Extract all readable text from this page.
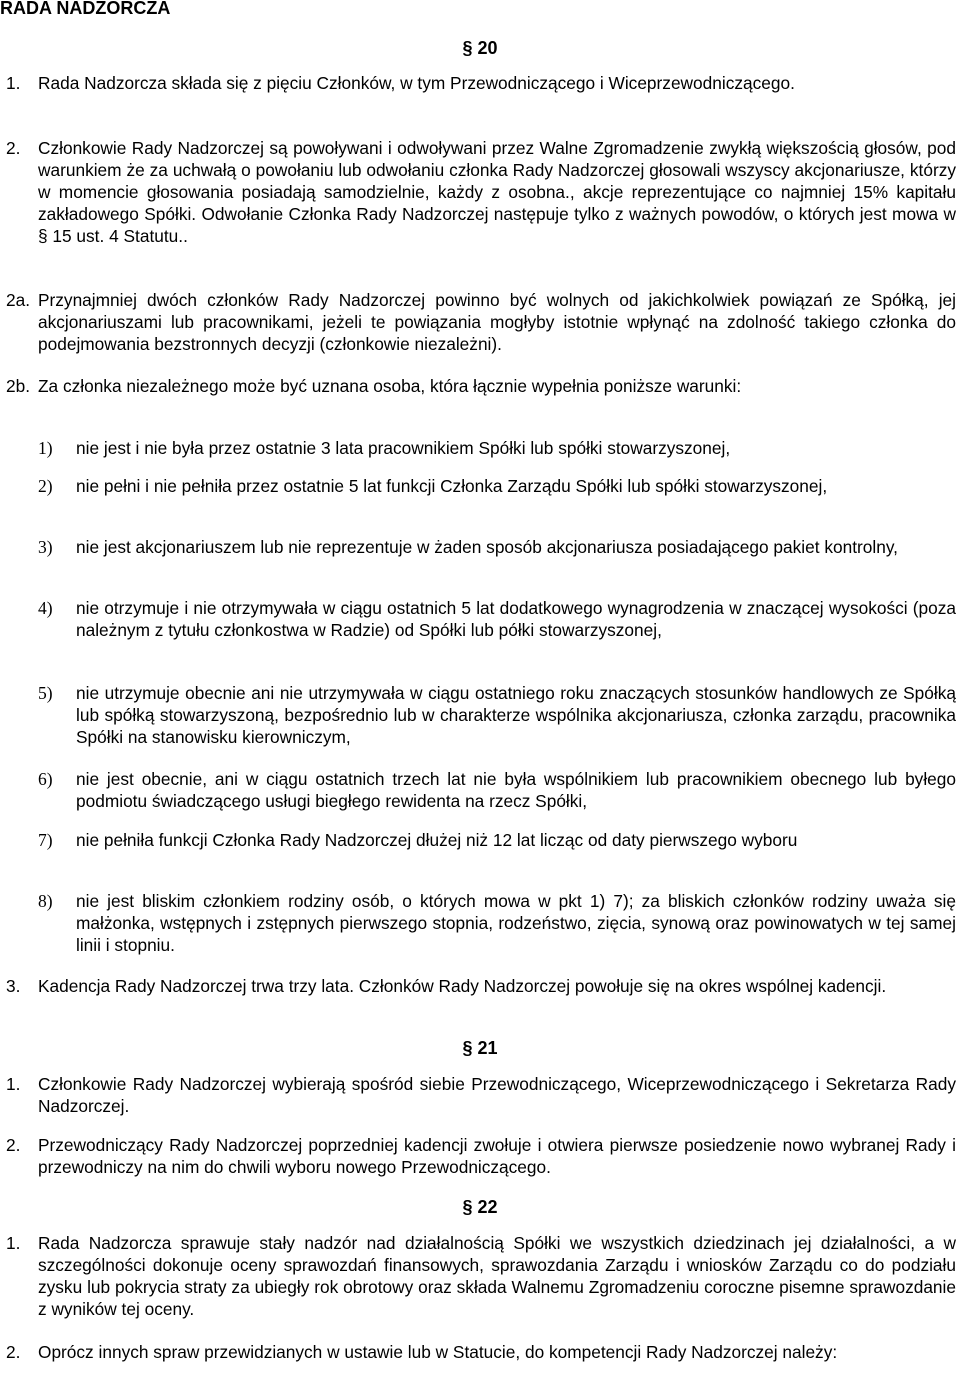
RADA NADZORCZA
§ 20
1. Rada Nadzorcza składa się z pięciu Członków, w tym Przewodniczącego i Wiceprzewodniczącego.
2. Członkowie Rady Nadzorczej są powoływani i odwoływani przez Walne Zgromadzenie zwykłą większością głosów, pod warunkiem że za uchwałą o powołaniu lub odwołaniu członka Rady Nadzorczej głosowali wszyscy akcjonariusze, którzy w momencie głosowania posiadają samodzielnie, każdy z osobna., akcje reprezentujące co najmniej 15% kapitału zakładowego Spółki. Odwołanie Członka Rady Nadzorczej następuje tylko z ważnych powodów, o których jest mowa w § 15 ust. 4 Statutu..
2a. Przynajmniej dwóch członków Rady Nadzorczej powinno być wolnych od jakichkolwiek powiązań ze Spółką, jej akcjonariuszami lub pracownikami, jeżeli te powiązania mogłyby istotnie wpłynąć na zdolność takiego członka do podejmowania bezstronnych decyzji (członkowie niezależni).
2b. Za członka niezależnego może być uznana osoba, która łącznie wypełnia poniższe warunki:
1) nie jest i nie była przez ostatnie 3 lata pracownikiem Spółki lub spółki stowarzyszonej,
2) nie pełni i nie pełniła przez ostatnie 5 lat funkcji Członka Zarządu Spółki lub spółki stowarzyszonej,
3) nie jest akcjonariuszem lub nie reprezentuje w żaden sposób akcjonariusza posiadającego pakiet kontrolny,
4) nie otrzymuje i nie otrzymywała w ciągu ostatnich 5 lat dodatkowego wynagrodzenia w znaczącej wysokości (poza należnym z tytułu członkostwa w Radzie) od Spółki lub półki stowarzyszonej,
5) nie utrzymuje obecnie ani nie utrzymywała w ciągu ostatniego roku znaczących stosunków handlowych ze Spółką lub spółką stowarzyszoną, bezpośrednio lub w charakterze wspólnika akcjonariusza, członka zarządu, pracownika Spółki na stanowisku kierowniczym,
6) nie jest obecnie, ani w ciągu ostatnich trzech lat nie była wspólnikiem lub pracownikiem obecnego lub byłego podmiotu świadczącego usługi biegłego rewidenta na rzecz Spółki,
7) nie pełniła funkcji Członka Rady Nadzorczej dłużej niż 12 lat licząc od daty pierwszego wyboru
8) nie jest bliskim członkiem rodziny osób, o których mowa w pkt 1) 7); za bliskich członków rodziny uważa się małżonka, wstępnych i zstępnych pierwszego stopnia, rodzeństwo, zięcia, synową oraz powinowatych w tej samej linii i stopniu.
3. Kadencja Rady Nadzorczej trwa trzy lata. Członków Rady Nadzorczej powołuje się na okres wspólnej kadencji.
§ 21
1. Członkowie Rady Nadzorczej wybierają spośród siebie Przewodniczącego, Wiceprzewodniczącego i Sekretarza Rady Nadzorczej.
2. Przewodniczący Rady Nadzorczej poprzedniej kadencji zwołuje i otwiera pierwsze posiedzenie nowo wybranej Rady i przewodniczy na nim do chwili wyboru nowego Przewodniczącego.
§ 22
1. Rada Nadzorcza sprawuje stały nadzór nad działalnością Spółki we wszystkich dziedzinach jej działalności, a w szczególności dokonuje oceny sprawozdań finansowych, sprawozdania Zarządu i wniosków Zarządu co do podziału zysku lub pokrycia straty za ubiegły rok obrotowy oraz składa Walnemu Zgromadzeniu coroczne pisemne sprawozdanie z wyników tej oceny.
2. Oprócz innych spraw przewidzianych w ustawie lub w Statucie, do kompetencji Rady Nadzorczej należy:
